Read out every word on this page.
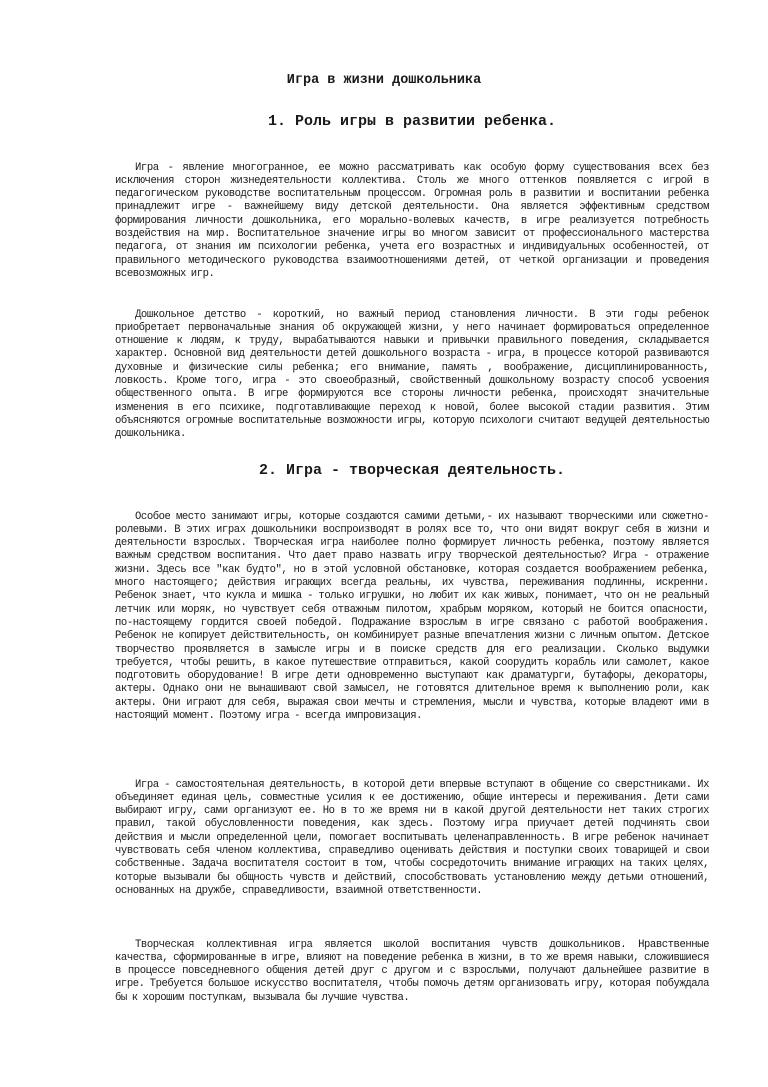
Игра в жизни дошкольника
1. Роль игры в развитии ребенка.

Игра - явление многогранное, ее можно рассматривать как особую форму существования всех без исключения сторон жизнедеятельности коллектива. Столь же много оттенков появляется с игрой в педагогическом руководстве воспитательным процессом. Огромная роль в развитии и воспитании ребенка принадлежит игре - важнейшему виду детской деятельности. Она является эффективным средством формирования личности дошкольника, его морально-волевых качеств, в игре реализуется потребность воздействия на мир. Воспитательное значение игры во многом зависит от профессионального мастерства педагога, от знания им психологии ребенка, учета его возрастных и индивидуальных особенностей, от правильного методического руководства взаимоотношениями детей, от четкой организации и проведения всевозможных игр.

Дошкольное детство - короткий, но важный период становления личности. В эти годы ребенок приобретает первоначальные знания об окружающей жизни, у него начинает формироваться определенное отношение к людям, к труду, вырабатываются навыки и привычки правильного поведения, складывается характер. Основной вид деятельности детей дошкольного возраста - игра, в процессе которой развиваются духовные и физические силы ребенка; его внимание, память , воображение, дисциплинированность, ловкость. Кроме того, игра - это своеобразный, свойственный дошкольному возрасту способ усвоения общественного опыта. В игре формируются все стороны личности ребенка, происходят значительные изменения в его психике, подготавливающие переход к новой, более высокой стадии развития. Этим объясняются огромные воспитательные возможности игры, которую психологи считают ведущей деятельностью дошкольника.

2. Игра - творческая деятельность.

Особое место занимают игры, которые создаются самими детьми,- их называют творческими или сюжетно-ролевыми. В этих играх дошкольники воспроизводят в ролях все то, что они видят вокруг себя в жизни и деятельности взрослых. Творческая игра наиболее полно формирует личность ребенка, поэтому является важным средством воспитания. Что дает право назвать игру творческой деятельностью? Игра - отражение жизни. Здесь все "как будто", но в этой условной обстановке, которая создается воображением ребенка, много настоящего; действия играющих всегда реальны, их чувства, переживания подлинны, искренни. Ребенок знает, что кукла и мишка - только игрушки, но любит их как живых, понимает, что он не реальный летчик или моряк, но чувствует себя отважным пилотом, храбрым моряком, который не боится опасности, по-настоящему гордится своей победой. Подражание взрослым в игре связано с работой воображения. Ребенок не копирует действительность, он комбинирует разные впечатления жизни с личным опытом. Детское творчество проявляется в замысле игры и в поиске средств для его реализации. Сколько выдумки требуется, чтобы решить, в какое путешествие отправиться, какой соорудить корабль или самолет, какое подготовить оборудование! В игре дети одновременно выступают как драматурги, бутафоры, декораторы, актеры. Однако они не вынашивают свой замысел, не готовятся длительное время к выполнению роли, как актеры. Они играют для себя, выражая свои мечты и стремления, мысли и чувства, которые владеют ими в настоящий момент. Поэтому игра - всегда импровизация.

Игра - самостоятельная деятельность, в которой дети впервые вступают в общение со сверстниками. Их объединяет единая цель, совместные усилия к ее достижению, общие интересы и переживания. Дети сами выбирают игру, сами организуют ее. Но в то же время ни в какой другой деятельности нет таких строгих правил, такой обусловленности поведения, как здесь. Поэтому игра приучает детей подчинять свои действия и мысли определенной цели, помогает воспитывать целенаправленность. В игре ребенок начинает чувствовать себя членом коллектива, справедливо оценивать действия и поступки своих товарищей и свои собственные. Задача воспитателя состоит в том, чтобы сосредоточить внимание играющих на таких целях, которые вызывали бы общность чувств и действий, способствовать установлению между детьми отношений, основанных на дружбе, справедливости, взаимной ответственности.

Творческая коллективная игра является школой воспитания чувств дошкольников. Нравственные качества, сформированные в игре, влияют на поведение ребенка в жизни, в то же время навыки, сложившиеся в процессе повседневного общения детей друг с другом и с взрослыми, получают дальнейшее развитие в игре. Требуется большое искусство воспитателя, чтобы помочь детям организовать игру, которая побуждала бы к хорошим поступкам, вызывала бы лучшие чувства.
